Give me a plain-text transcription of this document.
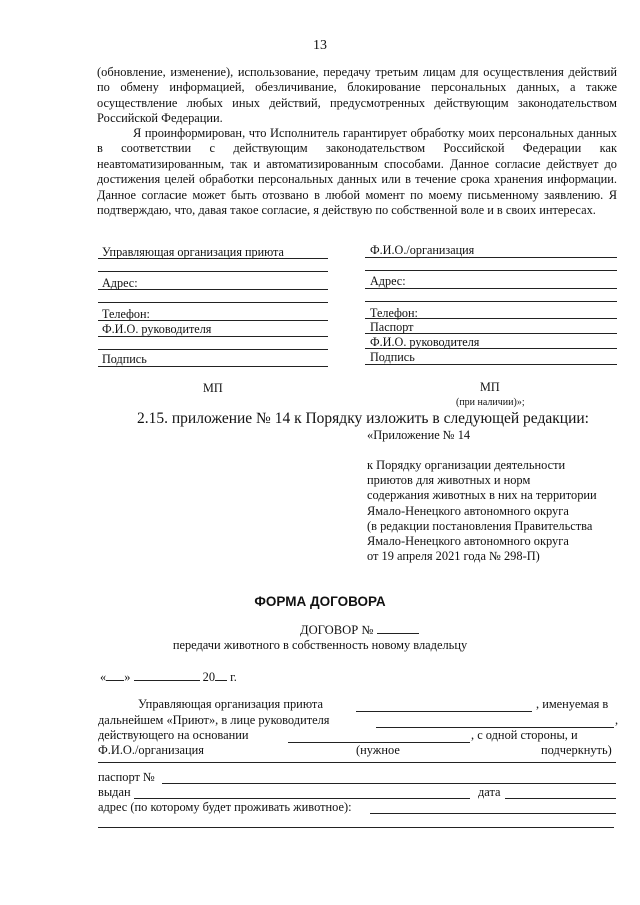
13
(обновление, изменение), использование, передачу третьим лицам для осуществления действий по обмену информацией, обезличивание, блокирование персональных данных, а также осуществление любых иных действий, предусмотренных действующим законодательством Российской Федерации.
Я проинформирован, что Исполнитель гарантирует обработку моих персональных данных в соответствии с действующим законодательством Российской Федерации как неавтоматизированным, так и автоматизированным способами. Данное согласие действует до достижения целей обработки персональных данных или в течение срока хранения информации. Данное согласие может быть отозвано в любой момент по моему письменному заявлению. Я подтверждаю, что, давая такое согласие, я действую по собственной воле и в своих интересах.
Управляющая организация приюта
Адрес:
Телефон:
Ф.И.О. руководителя
Подпись
МП
Ф.И.О./организация
Адрес:
Телефон:
Паспорт
Ф.И.О. руководителя
Подпись
МП
(при наличии)»;
2.15. приложение № 14 к Порядку изложить в следующей редакции:
«Приложение № 14
к Порядку организации деятельности
приютов для животных и норм
содержания животных в них на территории
Ямало-Ненецкого автономного округа
(в редакции постановления Правительства
Ямало-Ненецкого автономного округа
от 19 апреля 2021 года № 298-П)
ФОРМА ДОГОВОРА
ДОГОВОР №
передачи животного в собственность новому владельцу
« »	20 г.
Управляющая организация приюта	, именуемая в
дальнейшем «Приют», в лице руководителя	,
действующего на основании	, с одной стороны, и
Ф.И.О./организация	(нужное	подчеркнуть)
паспорт №
выдан	дата
адрес (по которому будет проживать животное):
